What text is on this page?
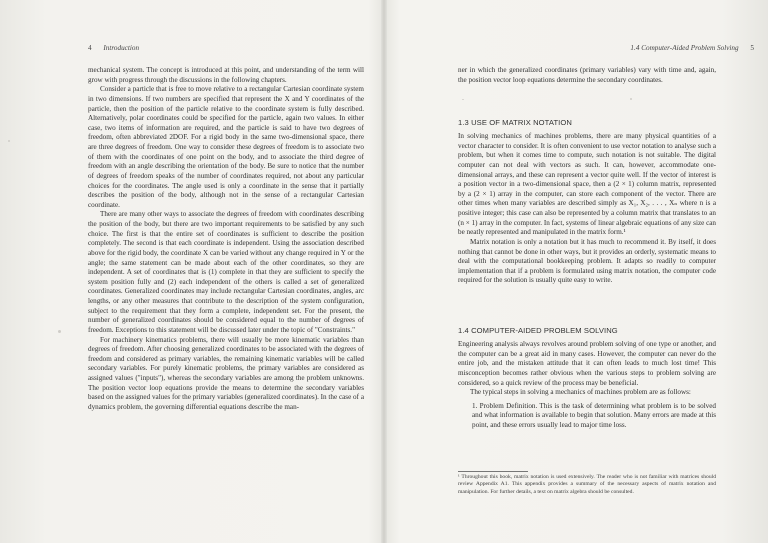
4 Introduction

mechanical system. The concept is introduced at this point, and understanding of the term will grow with progress through the discussions in the following chapters.

Consider a particle that is free to move relative to a rectangular Cartesian coordinate system in two dimensions. If two numbers are specified that represent the X and Y coordinates of the particle, then the position of the particle relative to the coordinate system is fully described. Alternatively, polar coordinates could be specified for the particle, again two values. In either case, two items of information are required, and the particle is said to have two degrees of freedom, often abbreviated 2DOF. For a rigid body in the same two-dimensional space, there are three degrees of freedom. One way to consider these degrees of freedom is to associate two of them with the coordinates of one point on the body, and to associate the third degree of freedom with an angle describing the orientation of the body. Be sure to notice that the number of degrees of freedom speaks of the number of coordinates required, not about any particular choices for the coordinates. The angle used is only a coordinate in the sense that it partially describes the position of the body, although not in the sense of a rectangular Cartesian coordinate.

There are many other ways to associate the degrees of freedom with coordinates describing the position of the body, but there are two important requirements to be satisfied by any such choice. The first is that the entire set of coordinates is sufficient to describe the position completely. The second is that each coordinate is independent. Using the association described above for the rigid body, the coordinate X can be varied without any change required in Y or the angle; the same statement can be made about each of the other coordinates, so they are independent. A set of coordinates that is (1) complete in that they are sufficient to specify the system position fully and (2) each independent of the others is called a set of generalized coordinates. Generalized coordinates may include rectangular Cartesian coordinates, angles, arc lengths, or any other measures that contribute to the description of the system configuration, subject to the requirement that they form a complete, independent set. For the present, the number of generalized coordinates should be considered equal to the number of degrees of freedom. Exceptions to this statement will be discussed later under the topic of "Constraints."

For machinery kinematics problems, there will usually be more kinematic variables than degrees of freedom. After choosing generalized coordinates to be associated with the degrees of freedom and considered as primary variables, the remaining kinematic variables will be called secondary variables. For purely kinematic problems, the primary variables are considered as assigned values ("inputs"), whereas the secondary variables are among the problem unknowns. The position vector loop equations provide the means to determine the secondary variables based on the assigned values for the primary variables (generalized coordinates). In the case of a dynamics problem, the governing differential equations describe the man-

1.4 Computer-Aided Problem Solving 5

ner in which the generalized coordinates (primary variables) vary with time and, again, the position vector loop equations determine the secondary coordinates.

1.3 USE OF MATRIX NOTATION

In solving mechanics of machines problems, there are many physical quantities of a vector character to consider. It is often convenient to use vector notation to analyse such a problem, but when it comes time to compute, such notation is not suitable. The digital computer can not deal with vectors as such. It can, however, accommodate one-dimensional arrays, and these can represent a vector quite well. If the vector of interest is a position vector in a two-dimensional space, then a (2 × 1) column matrix, represented by a (2 × 1) array in the computer, can store each component of the vector. There are other times when many variables are described simply as X₁, X₂, . . . , Xₙ where n is a positive integer; this case can also be represented by a column matrix that translates to an (n × 1) array in the computer. In fact, systems of linear algebraic equations of any size can be neatly represented and manipulated in the matrix form.¹

Matrix notation is only a notation but it has much to recommend it. By itself, it does nothing that cannot be done in other ways, but it provides an orderly, systematic means to deal with the computational bookkeeping problem. It adapts so readily to computer implementation that if a problem is formulated using matrix notation, the computer code required for the solution is usually quite easy to write.

1.4 COMPUTER-AIDED PROBLEM SOLVING

Engineering analysis always revolves around problem solving of one type or another, and the computer can be a great aid in many cases. However, the computer can never do the entire job, and the mistaken attitude that it can often leads to much lost time! This misconception becomes rather obvious when the various steps to problem solving are considered, so a quick review of the process may be beneficial.

The typical steps in solving a mechanics of machines problem are as follows:

1. Problem Definition. This is the task of determining what problem is to be solved and what information is available to begin that solution. Many errors are made at this point, and these errors usually lead to major time loss.

¹ Throughout this book, matrix notation is used extensively. The reader who is not familiar with matrices should review Appendix A1. This appendix provides a summary of the necessary aspects of matrix notation and manipulation. For further details, a text on matrix algebra should be consulted.
